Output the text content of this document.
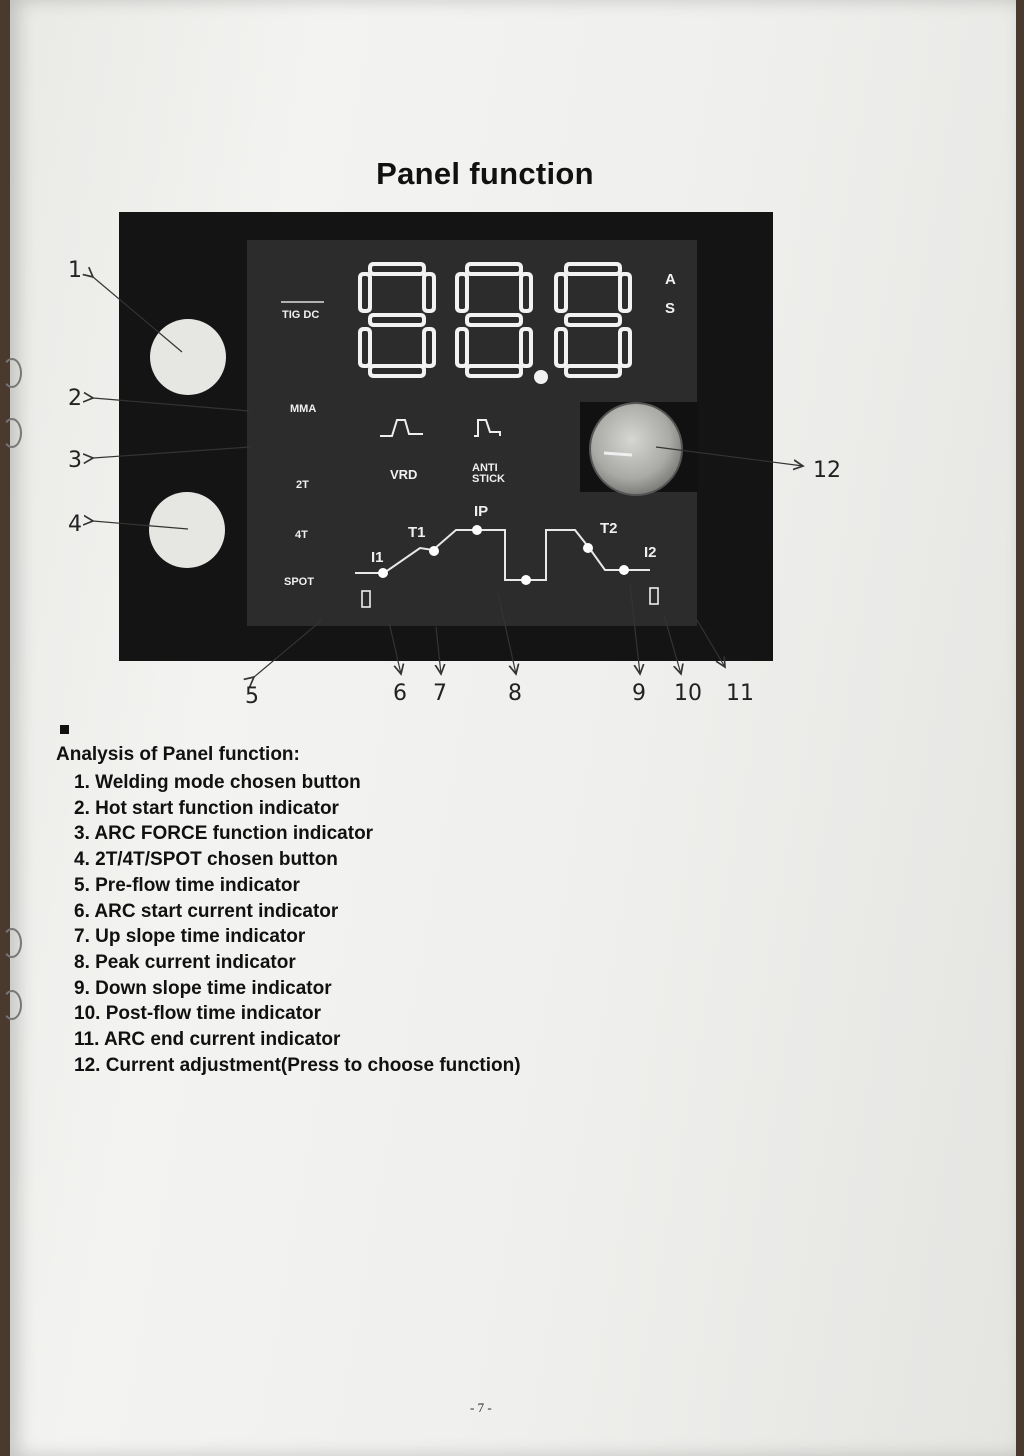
Panel function
A
S
TIG DC
MMA
2T
4T
SPOT
VRD	ANTI STICK
I1
T1
IP
T2
I2
1
2
3
4
5	6 7	8	9 10 11
12
Analysis of Panel function:
1. Welding mode chosen button
2. Hot start function indicator
3. ARC FORCE function indicator
4. 2T/4T/SPOT chosen button
5. Pre-flow time indicator
6. ARC start current indicator
7. Up slope time indicator
8. Peak current indicator
9. Down slope time indicator
10. Post-flow time indicator
11. ARC end current indicator
12. Current adjustment(Press to choose function)
- 7 -
